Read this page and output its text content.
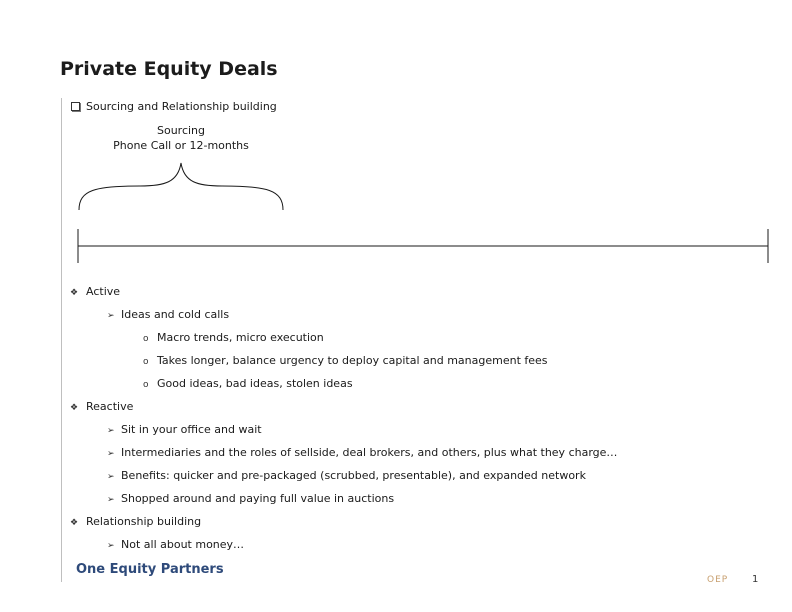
Private Equity Deals
Sourcing and Relationship building
Sourcing
Phone Call or 12-months
❖ Active
➢ Ideas and cold calls
o Macro trends, micro execution
o Takes longer, balance urgency to deploy capital and management fees
o Good ideas, bad ideas, stolen ideas
❖ Reactive
➢ Sit in your office and wait
➢ Intermediaries and the roles of sellside, deal brokers, and others, plus what they charge…
➢ Benefits: quicker and pre-packaged (scrubbed, presentable), and expanded network
➢ Shopped around and paying full value in auctions
❖ Relationship building
➢ Not all about money…
One Equity Partners
OEP 1
